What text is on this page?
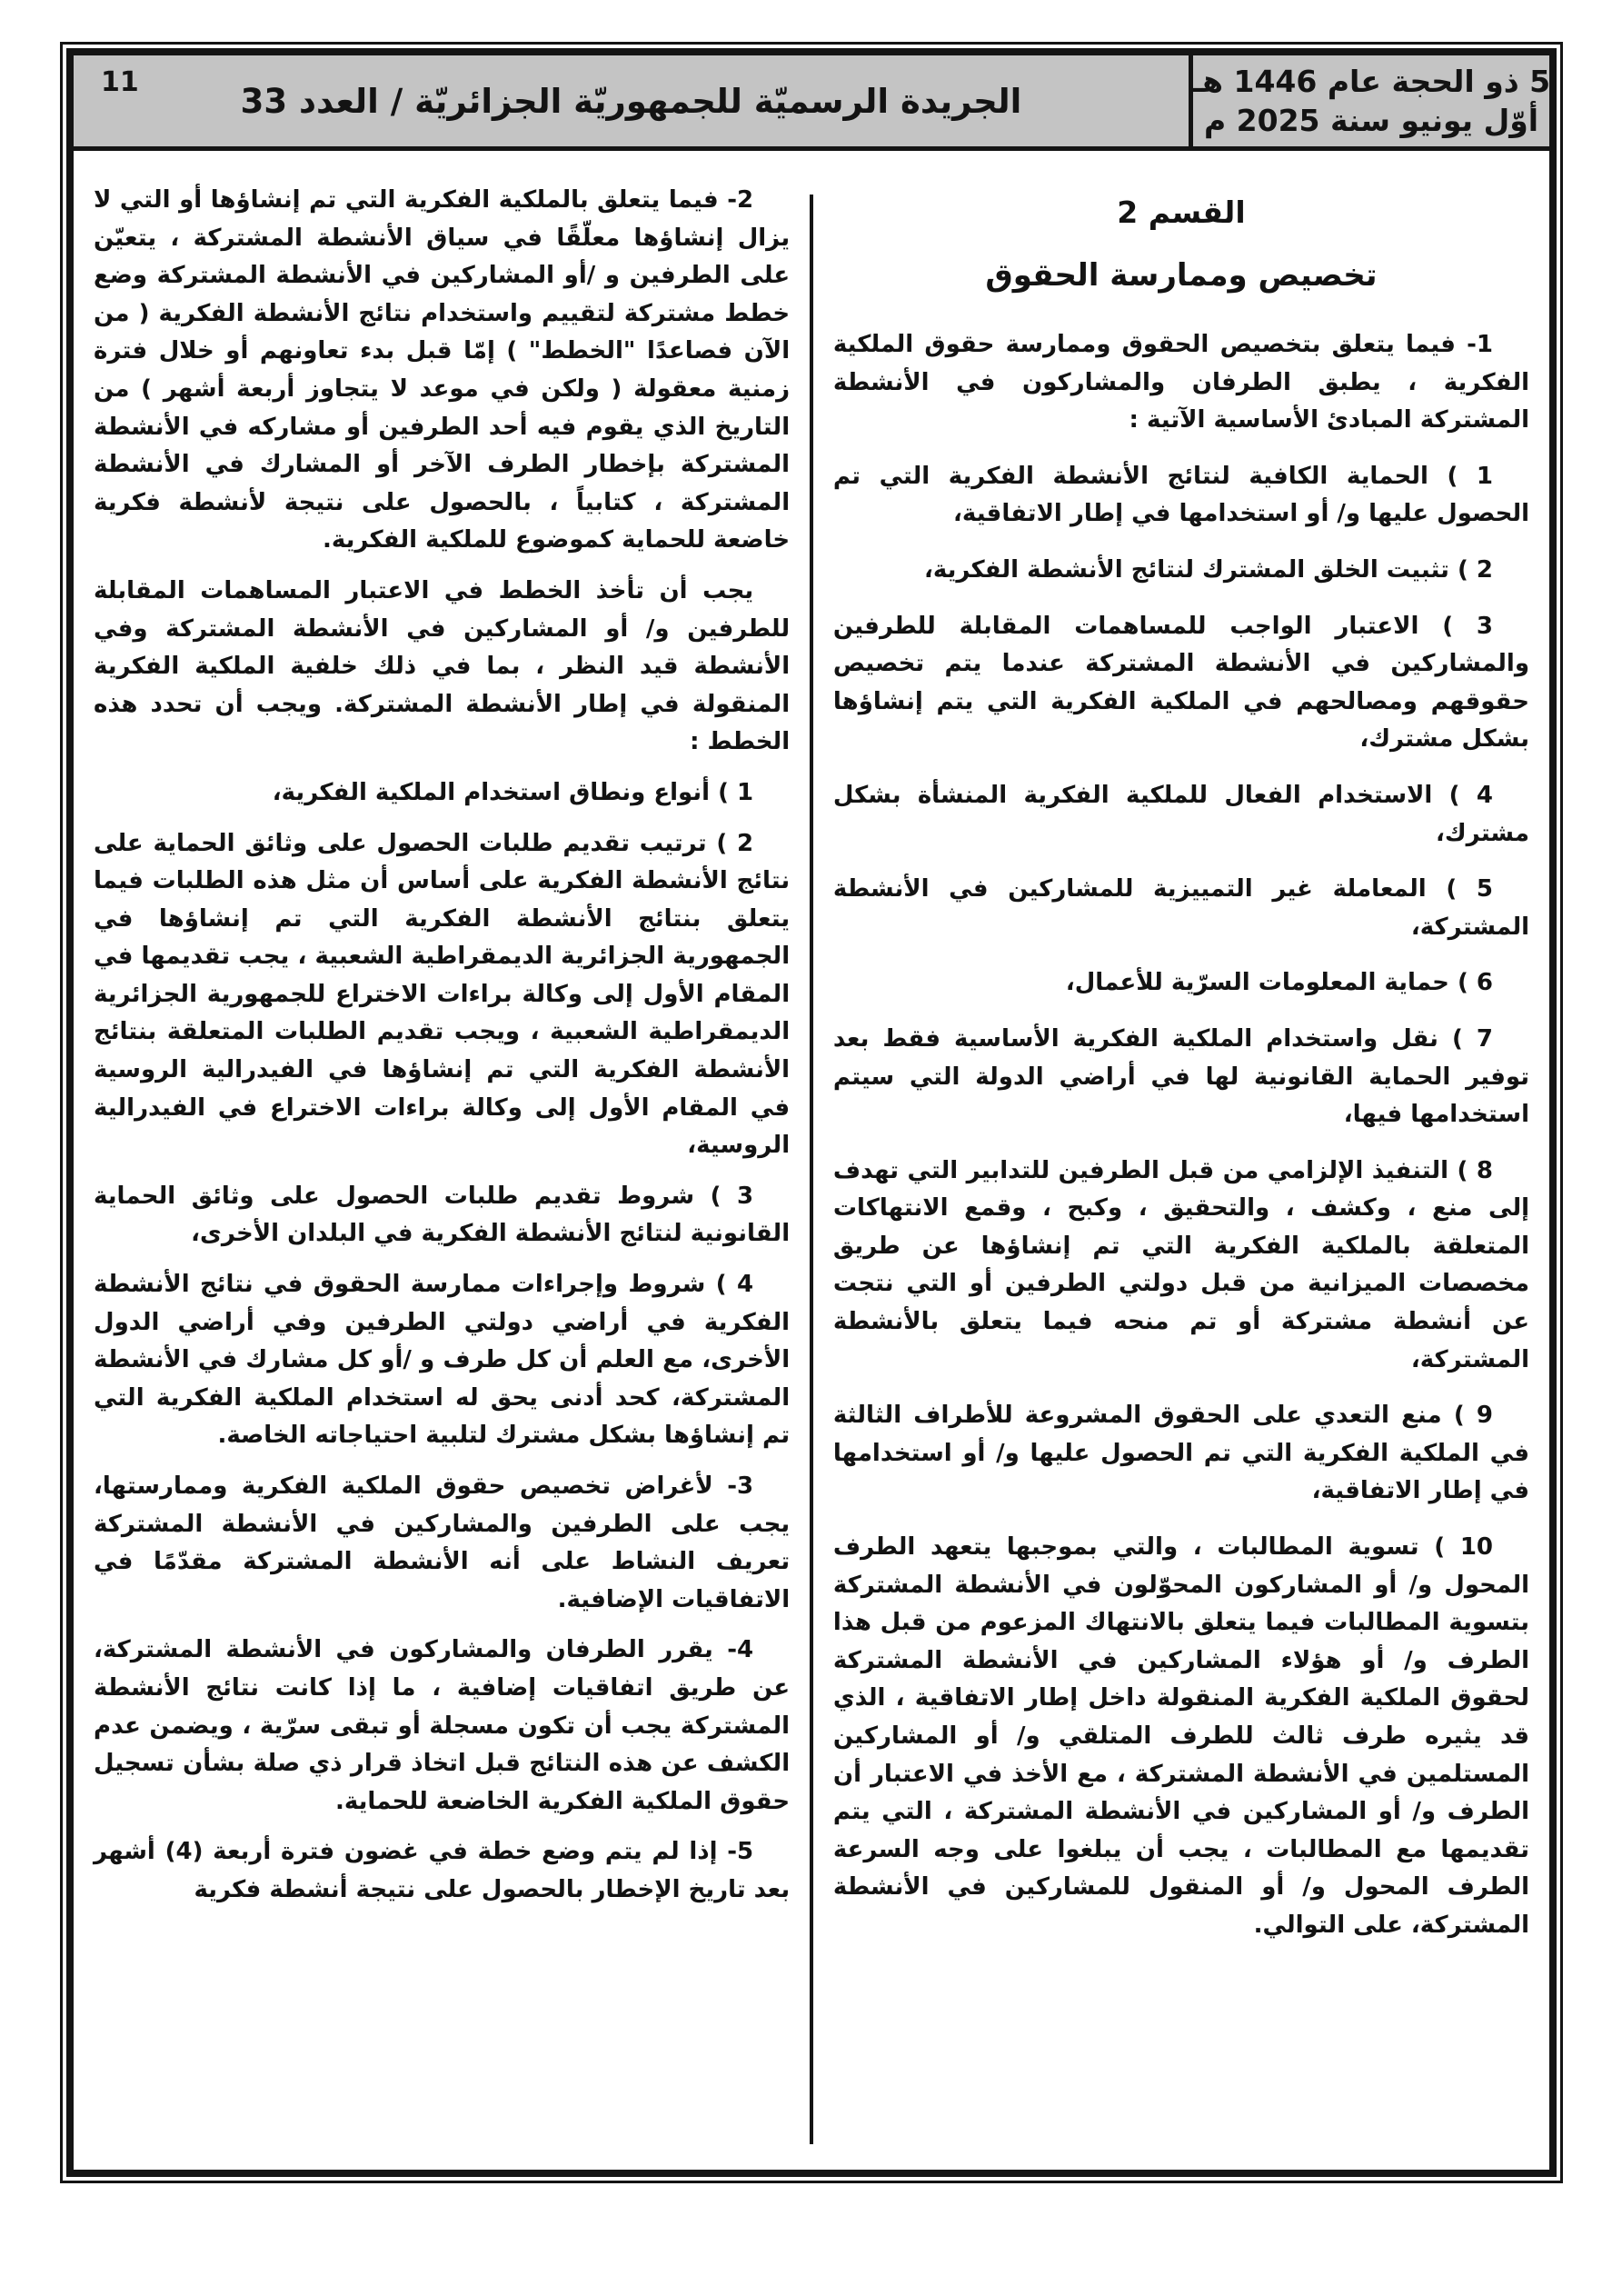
11	الجريدة الرسميّة للجمهوريّة الجزائريّة / العدد 33	5 ذو الحجة عام 1446 هـ
أوّل يونيو سنة 2025 م
القسم 2
تخصيص وممارسة الحقوق

1- فيما يتعلق بتخصيص الحقوق وممارسة حقوق الملكية الفكرية ، يطبق الطرفان والمشاركون في الأنشطة المشتركة المبادئ الأساسية الآتية :

1 ) الحماية الكافية لنتائج الأنشطة الفكرية التي تم الحصول عليها و/ أو استخدامها في إطار الاتفاقية،

2 ) تثبيت الخلق المشترك لنتائج الأنشطة الفكرية،

3 ) الاعتبار الواجب للمساهمات المقابلة للطرفين والمشاركين في الأنشطة المشتركة عندما يتم تخصيص حقوقهم ومصالحهم في الملكية الفكرية التي يتم إنشاؤها بشكل مشترك،

4 ) الاستخدام الفعال للملكية الفكرية المنشأة بشكل مشترك،

5 ) المعاملة غير التمييزية للمشاركين في الأنشطة المشتركة،

6 ) حماية المعلومات السرّية للأعمال،

7 ) نقل واستخدام الملكية الفكرية الأساسية فقط بعد توفير الحماية القانونية لها في أراضي الدولة التي سيتم استخدامها فيها،

8 ) التنفيذ الإلزامي من قبل الطرفين للتدابير التي تهدف إلى منع ، وكشف ، والتحقيق ، وكبح ، وقمع الانتهاكات المتعلقة بالملكية الفكرية التي تم إنشاؤها عن طريق مخصصات الميزانية من قبل دولتي الطرفين أو التي نتجت عن أنشطة مشتركة أو تم منحه فيما يتعلق بالأنشطة المشتركة،

9 ) منع التعدي على الحقوق المشروعة للأطراف الثالثة في الملكية الفكرية التي تم الحصول عليها و/ أو استخدامها في إطار الاتفاقية،

10 ) تسوية المطالبات ، والتي بموجبها يتعهد الطرف المحول و/ أو المشاركون المحوّلون في الأنشطة المشتركة بتسوية المطالبات فيما يتعلق بالانتهاك المزعوم من قبل هذا الطرف و/ أو هؤلاء المشاركين في الأنشطة المشتركة لحقوق الملكية الفكرية المنقولة داخل إطار الاتفاقية ، الذي قد يثيره طرف ثالث للطرف المتلقي و/ أو المشاركين المستلمين في الأنشطة المشتركة ، مع الأخذ في الاعتبار أن الطرف و/ أو المشاركين في الأنشطة المشتركة ، التي يتم تقديمها مع المطالبات ، يجب أن يبلغوا على وجه السرعة الطرف المحول و/ أو المنقول للمشاركين في الأنشطة المشتركة، على التوالي.

2- فيما يتعلق بالملكية الفكرية التي تم إنشاؤها أو التي لا يزال إنشاؤها معلّقًا في سياق الأنشطة المشتركة ، يتعيّن على الطرفين و /أو المشاركين في الأنشطة المشتركة وضع خطط مشتركة لتقييم واستخدام نتائج الأنشطة الفكرية ( من الآن فصاعدًا "الخطط" ) إمّا قبل بدء تعاونهم أو خلال فترة زمنية معقولة ( ولكن في موعد لا يتجاوز أربعة أشهر ) من التاريخ الذي يقوم فيه أحد الطرفين أو مشاركه في الأنشطة المشتركة بإخطار الطرف الآخر أو المشارك في الأنشطة المشتركة ، كتابياً ، بالحصول على نتيجة لأنشطة فكرية خاضعة للحماية كموضوع للملكية الفكرية.

يجب أن تأخذ الخطط في الاعتبار المساهمات المقابلة للطرفين و/ أو المشاركين في الأنشطة المشتركة وفي الأنشطة قيد النظر ، بما في ذلك خلفية الملكية الفكرية المنقولة في إطار الأنشطة المشتركة. ويجب أن تحدد هذه الخطط :

1 ) أنواع ونطاق استخدام الملكية الفكرية،

2 ) ترتيب تقديم طلبات الحصول على وثائق الحماية على نتائج الأنشطة الفكرية على أساس أن مثل هذه الطلبات فيما يتعلق بنتائج الأنشطة الفكرية التي تم إنشاؤها في الجمهورية الجزائرية الديمقراطية الشعبية ، يجب تقديمها في المقام الأول إلى وكالة براءات الاختراع للجمهورية الجزائرية الديمقراطية الشعبية ، ويجب تقديم الطلبات المتعلقة بنتائج الأنشطة الفكرية التي تم إنشاؤها في الفيدرالية الروسية في المقام الأول إلى وكالة براءات الاختراع في الفيدرالية الروسية،

3 ) شروط تقديم طلبات الحصول على وثائق الحماية القانونية لنتائج الأنشطة الفكرية في البلدان الأخرى،

4 ) شروط وإجراءات ممارسة الحقوق في نتائج الأنشطة الفكرية في أراضي دولتي الطرفين وفي أراضي الدول الأخرى، مع العلم أن كل طرف و /أو كل مشارك في الأنشطة المشتركة، كحد أدنى يحق له استخدام الملكية الفكرية التي تم إنشاؤها بشكل مشترك لتلبية احتياجاته الخاصة.

3- لأغراض تخصيص حقوق الملكية الفكرية وممارستها، يجب على الطرفين والمشاركين في الأنشطة المشتركة تعريف النشاط على أنه الأنشطة المشتركة مقدّمًا في الاتفاقيات الإضافية.

4- يقرر الطرفان والمشاركون في الأنشطة المشتركة، عن طريق اتفاقيات إضافية ، ما إذا كانت نتائج الأنشطة المشتركة يجب أن تكون مسجلة أو تبقى سرّية ، ويضمن عدم الكشف عن هذه النتائج قبل اتخاذ قرار ذي صلة بشأن تسجيل حقوق الملكية الفكرية الخاضعة للحماية.

5- إذا لم يتم وضع خطة في غضون فترة أربعة (4) أشهر بعد تاريخ الإخطار بالحصول على نتيجة أنشطة فكرية
